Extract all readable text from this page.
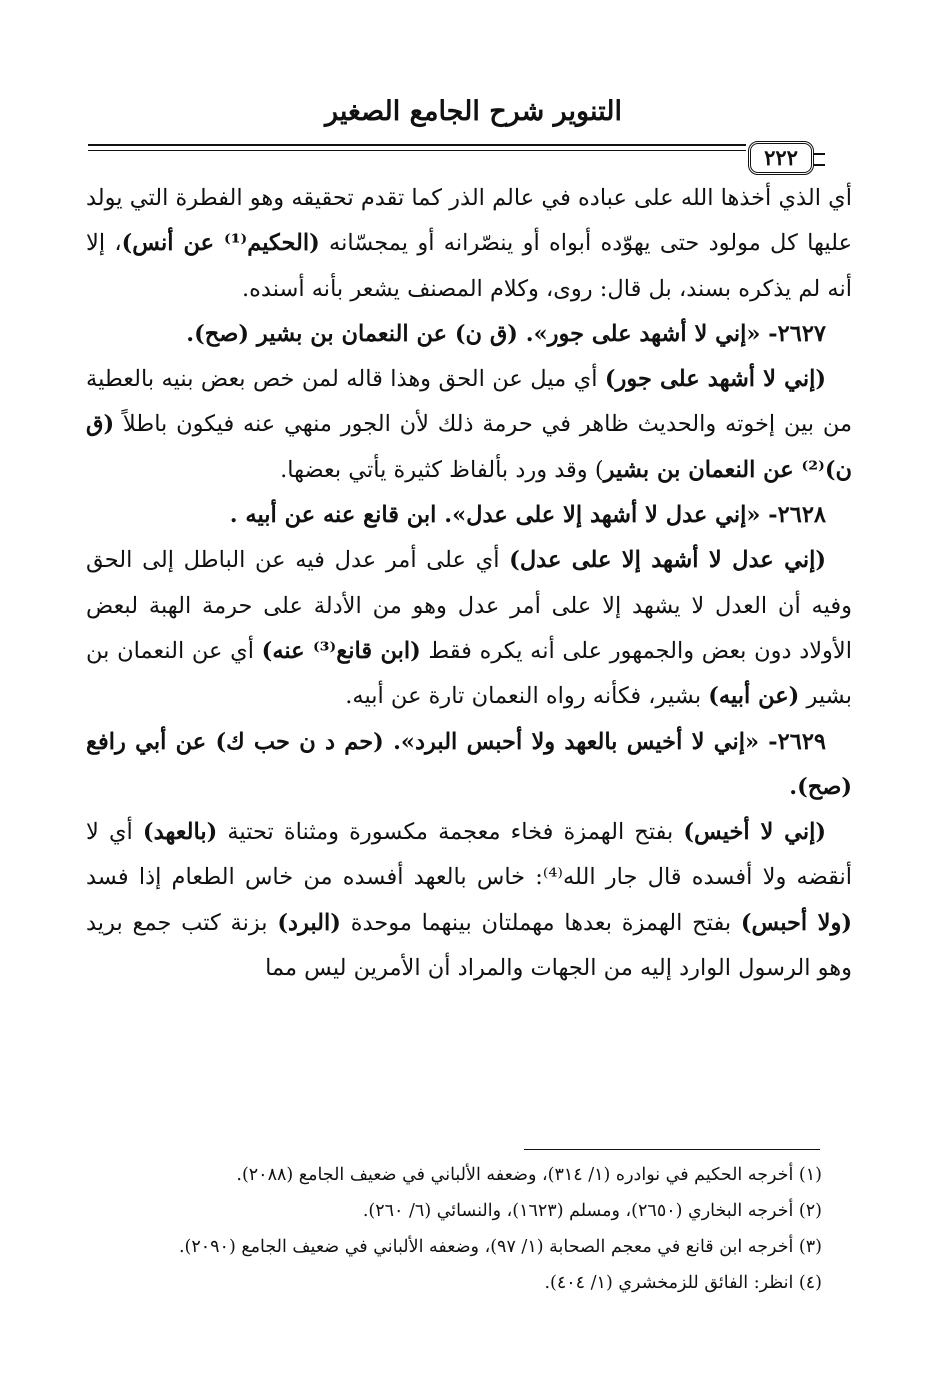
التنوير شرح الجامع الصغير
٢٢٢

أي الذي أخذها الله على عباده في عالم الذر كما تقدم تحقيقه وهو الفطرة التي يولد عليها كل مولود حتى يهوّده أبواه أو ينصّرانه أو يمجسّانه (الحكيم⁽¹⁾ عن أنس)، إلا أنه لم يذكره بسند، بل قال: روى، وكلام المصنف يشعر بأنه أسنده.

٢٦٢٧- «إني لا أشهد على جور». (ق ن) عن النعمان بن بشير (صح).

(إني لا أشهد على جور) أي ميل عن الحق وهذا قاله لمن خص بعض بنيه بالعطية من بين إخوته والحديث ظاهر في حرمة ذلك لأن الجور منهي عنه فيكون باطلاً (ق ن)⁽²⁾ عن النعمان بن بشير) وقد ورد بألفاظ كثيرة يأتي بعضها.

٢٦٢٨- «إني عدل لا أشهد إلا على عدل». ابن قانع عنه عن أبيه .

(إني عدل لا أشهد إلا على عدل) أي على أمر عدل فيه عن الباطل إلى الحق وفيه أن العدل لا يشهد إلا على أمر عدل وهو من الأدلة على حرمة الهبة لبعض الأولاد دون بعض والجمهور على أنه يكره فقط (ابن قانع⁽³⁾ عنه) أي عن النعمان بن بشير (عن أبيه) بشير، فكأنه رواه النعمان تارة عن أبيه.

٢٦٢٩- «إني لا أخيس بالعهد ولا أحبس البرد». (حم د ن حب ك) عن أبي رافع (صح).

(إني لا أخيس) بفتح الهمزة فخاء معجمة مكسورة ومثناة تحتية (بالعهد) أي لا أنقضه ولا أفسده قال جار الله⁽⁴⁾: خاس بالعهد أفسده من خاس الطعام إذا فسد (ولا أحبس) بفتح الهمزة بعدها مهملتان بينهما موحدة (البرد) بزنة كتب جمع بريد وهو الرسول الوارد إليه من الجهات والمراد أن الأمرين ليس مما

(١) أخرجه الحكيم في نوادره (١/ ٣١٤)، وضعفه الألباني في ضعيف الجامع (٢٠٨٨).

(٢) أخرجه البخاري (٢٦٥٠)، ومسلم (١٦٢٣)، والنسائي (٦/ ٢٦٠).

(٣) أخرجه ابن قانع في معجم الصحابة (١/ ٩٧)، وضعفه الألباني في ضعيف الجامع (٢٠٩٠).

(٤) انظر: الفائق للزمخشري (١/ ٤٠٤).
